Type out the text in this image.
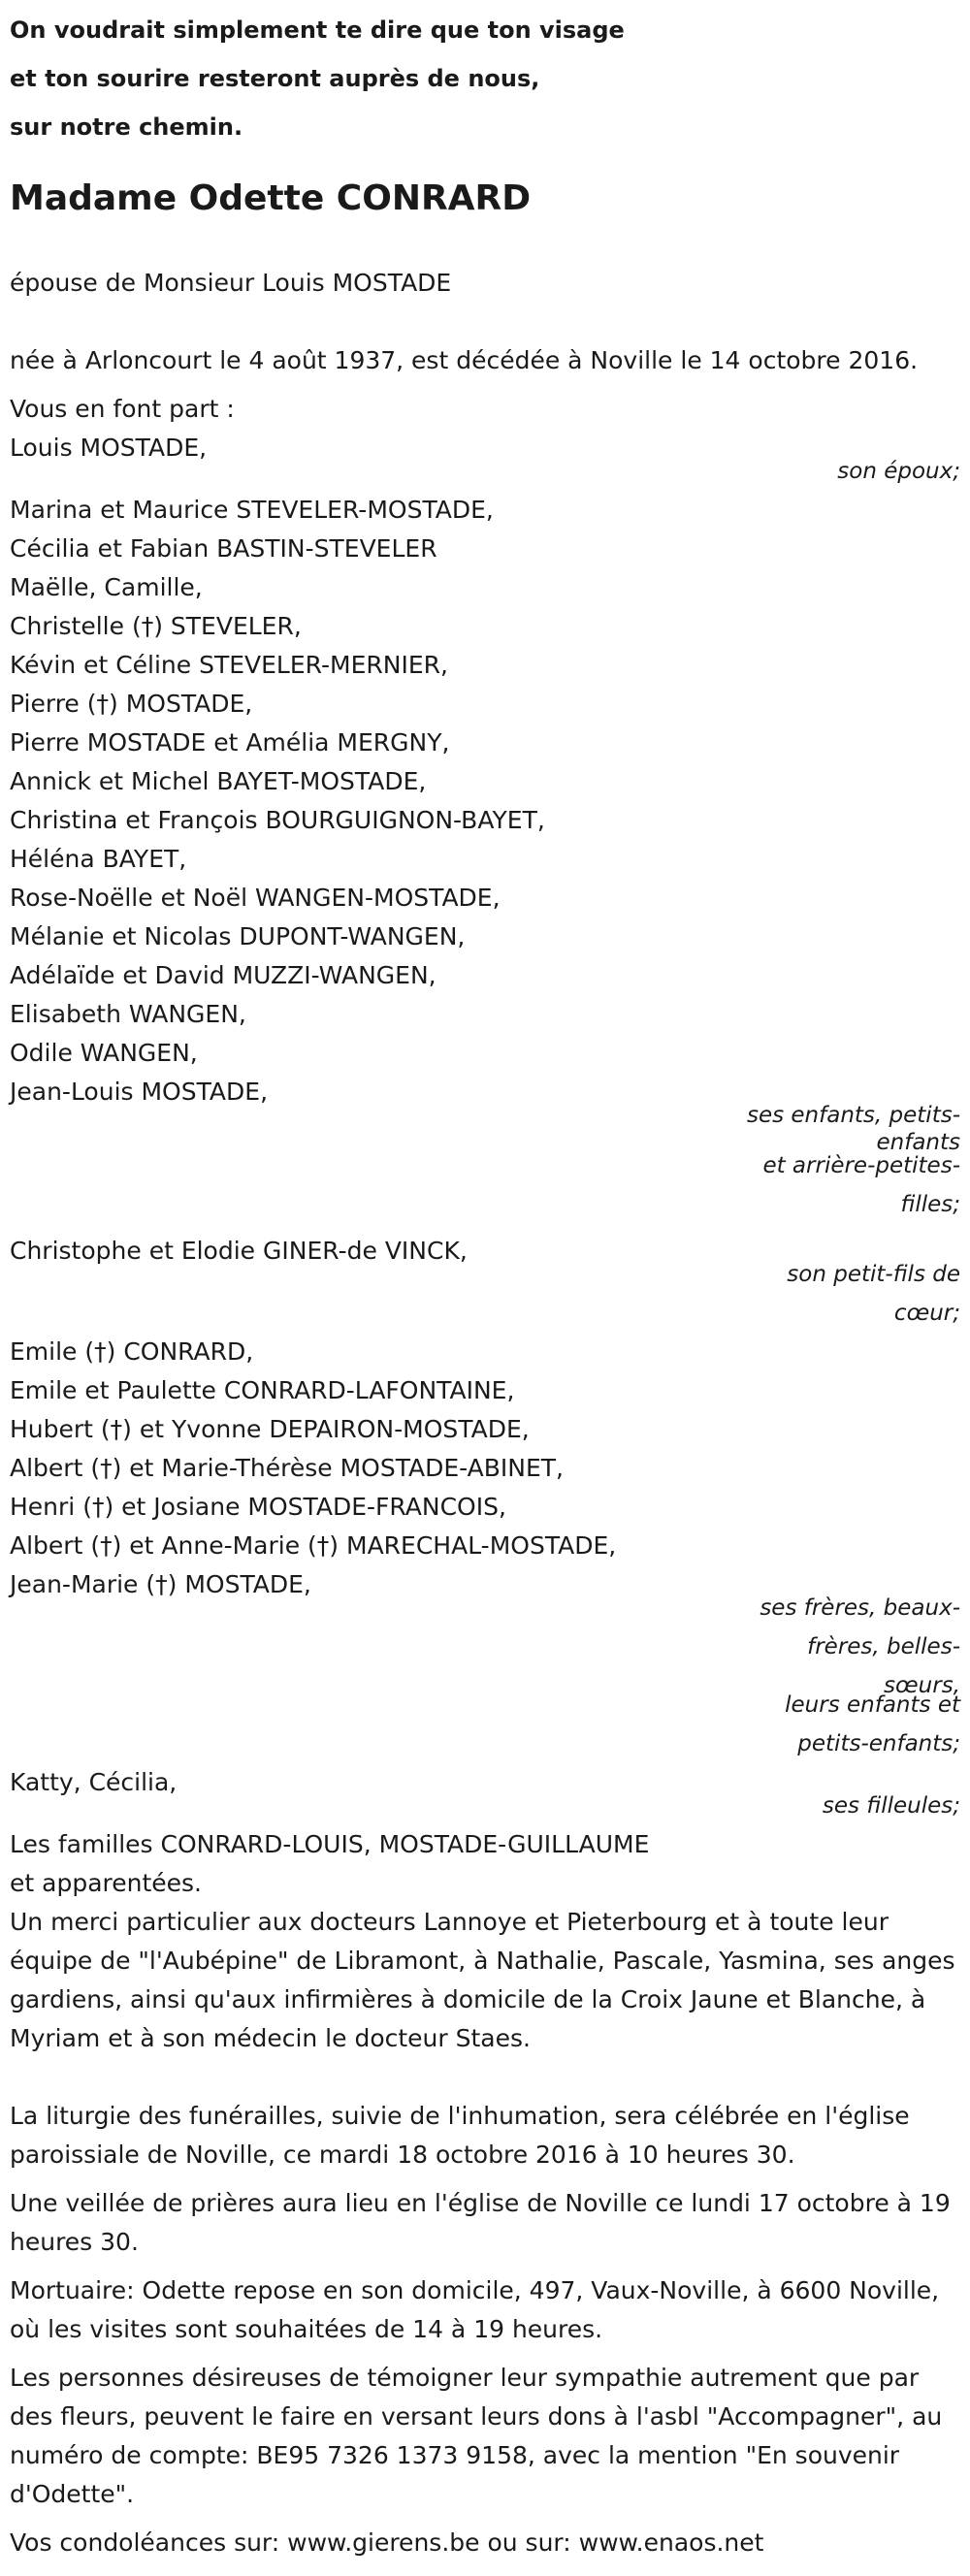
On voudrait simplement te dire que ton visage
et ton sourire resteront auprès de nous,
sur notre chemin.
Madame Odette CONRARD
épouse de Monsieur Louis MOSTADE
née à Arloncourt le 4 août 1937, est décédée à Noville le 14 octobre 2016.
Vous en font part :
Louis MOSTADE,
son époux;
Marina et Maurice STEVELER-MOSTADE,
Cécilia et Fabian BASTIN-STEVELER
Maëlle, Camille,
Christelle (†) STEVELER,
Kévin et Céline STEVELER-MERNIER,
Pierre (†) MOSTADE,
Pierre MOSTADE et Amélia MERGNY,
Annick et Michel BAYET-MOSTADE,
Christina et François BOURGUIGNON-BAYET,
Héléna BAYET,
Rose-Noëlle et Noël WANGEN-MOSTADE,
Mélanie et Nicolas DUPONT-WANGEN,
Adélaïde et David MUZZI-WANGEN,
Elisabeth WANGEN,
Odile WANGEN,
Jean-Louis MOSTADE,
ses enfants, petits-
enfants
et arrière-petites-
filles;
Christophe et Elodie GINER-de VINCK,
son petit-fils de
cœur;
Emile (†) CONRARD,
Emile et Paulette CONRARD-LAFONTAINE,
Hubert (†) et Yvonne DEPAIRON-MOSTADE,
Albert (†) et Marie-Thérèse MOSTADE-ABINET,
Henri (†) et Josiane MOSTADE-FRANCOIS,
Albert (†) et Anne-Marie (†) MARECHAL-MOSTADE,
Jean-Marie (†) MOSTADE,
ses frères, beaux-
frères, belles-
sœurs,
leurs enfants et
petits-enfants;
Katty, Cécilia,
ses filleules;
Les familles CONRARD-LOUIS, MOSTADE-GUILLAUME
et apparentées.
Un merci particulier aux docteurs Lannoye et Pieterbourg et à toute leur équipe de "l'Aubépine" de Libramont, à Nathalie, Pascale, Yasmina, ses anges gardiens, ainsi qu'aux infirmières à domicile de la Croix Jaune et Blanche, à Myriam et à son médecin le docteur Staes.
La liturgie des funérailles, suivie de l'inhumation, sera célébrée en l'église paroissiale de Noville, ce mardi 18 octobre 2016 à 10 heures 30.
Une veillée de prières aura lieu en l'église de Noville ce lundi 17 octobre à 19 heures 30.
Mortuaire: Odette repose en son domicile, 497, Vaux-Noville, à 6600 Noville, où les visites sont souhaitées de 14 à 19 heures.
Les personnes désireuses de témoigner leur sympathie autrement que par des fleurs, peuvent le faire en versant leurs dons à l'asbl "Accompagner", au numéro de compte: BE95 7326 1373 9158, avec la mention "En souvenir d'Odette".
Vos condoléances sur: www.gierens.be ou sur: www.enaos.net
